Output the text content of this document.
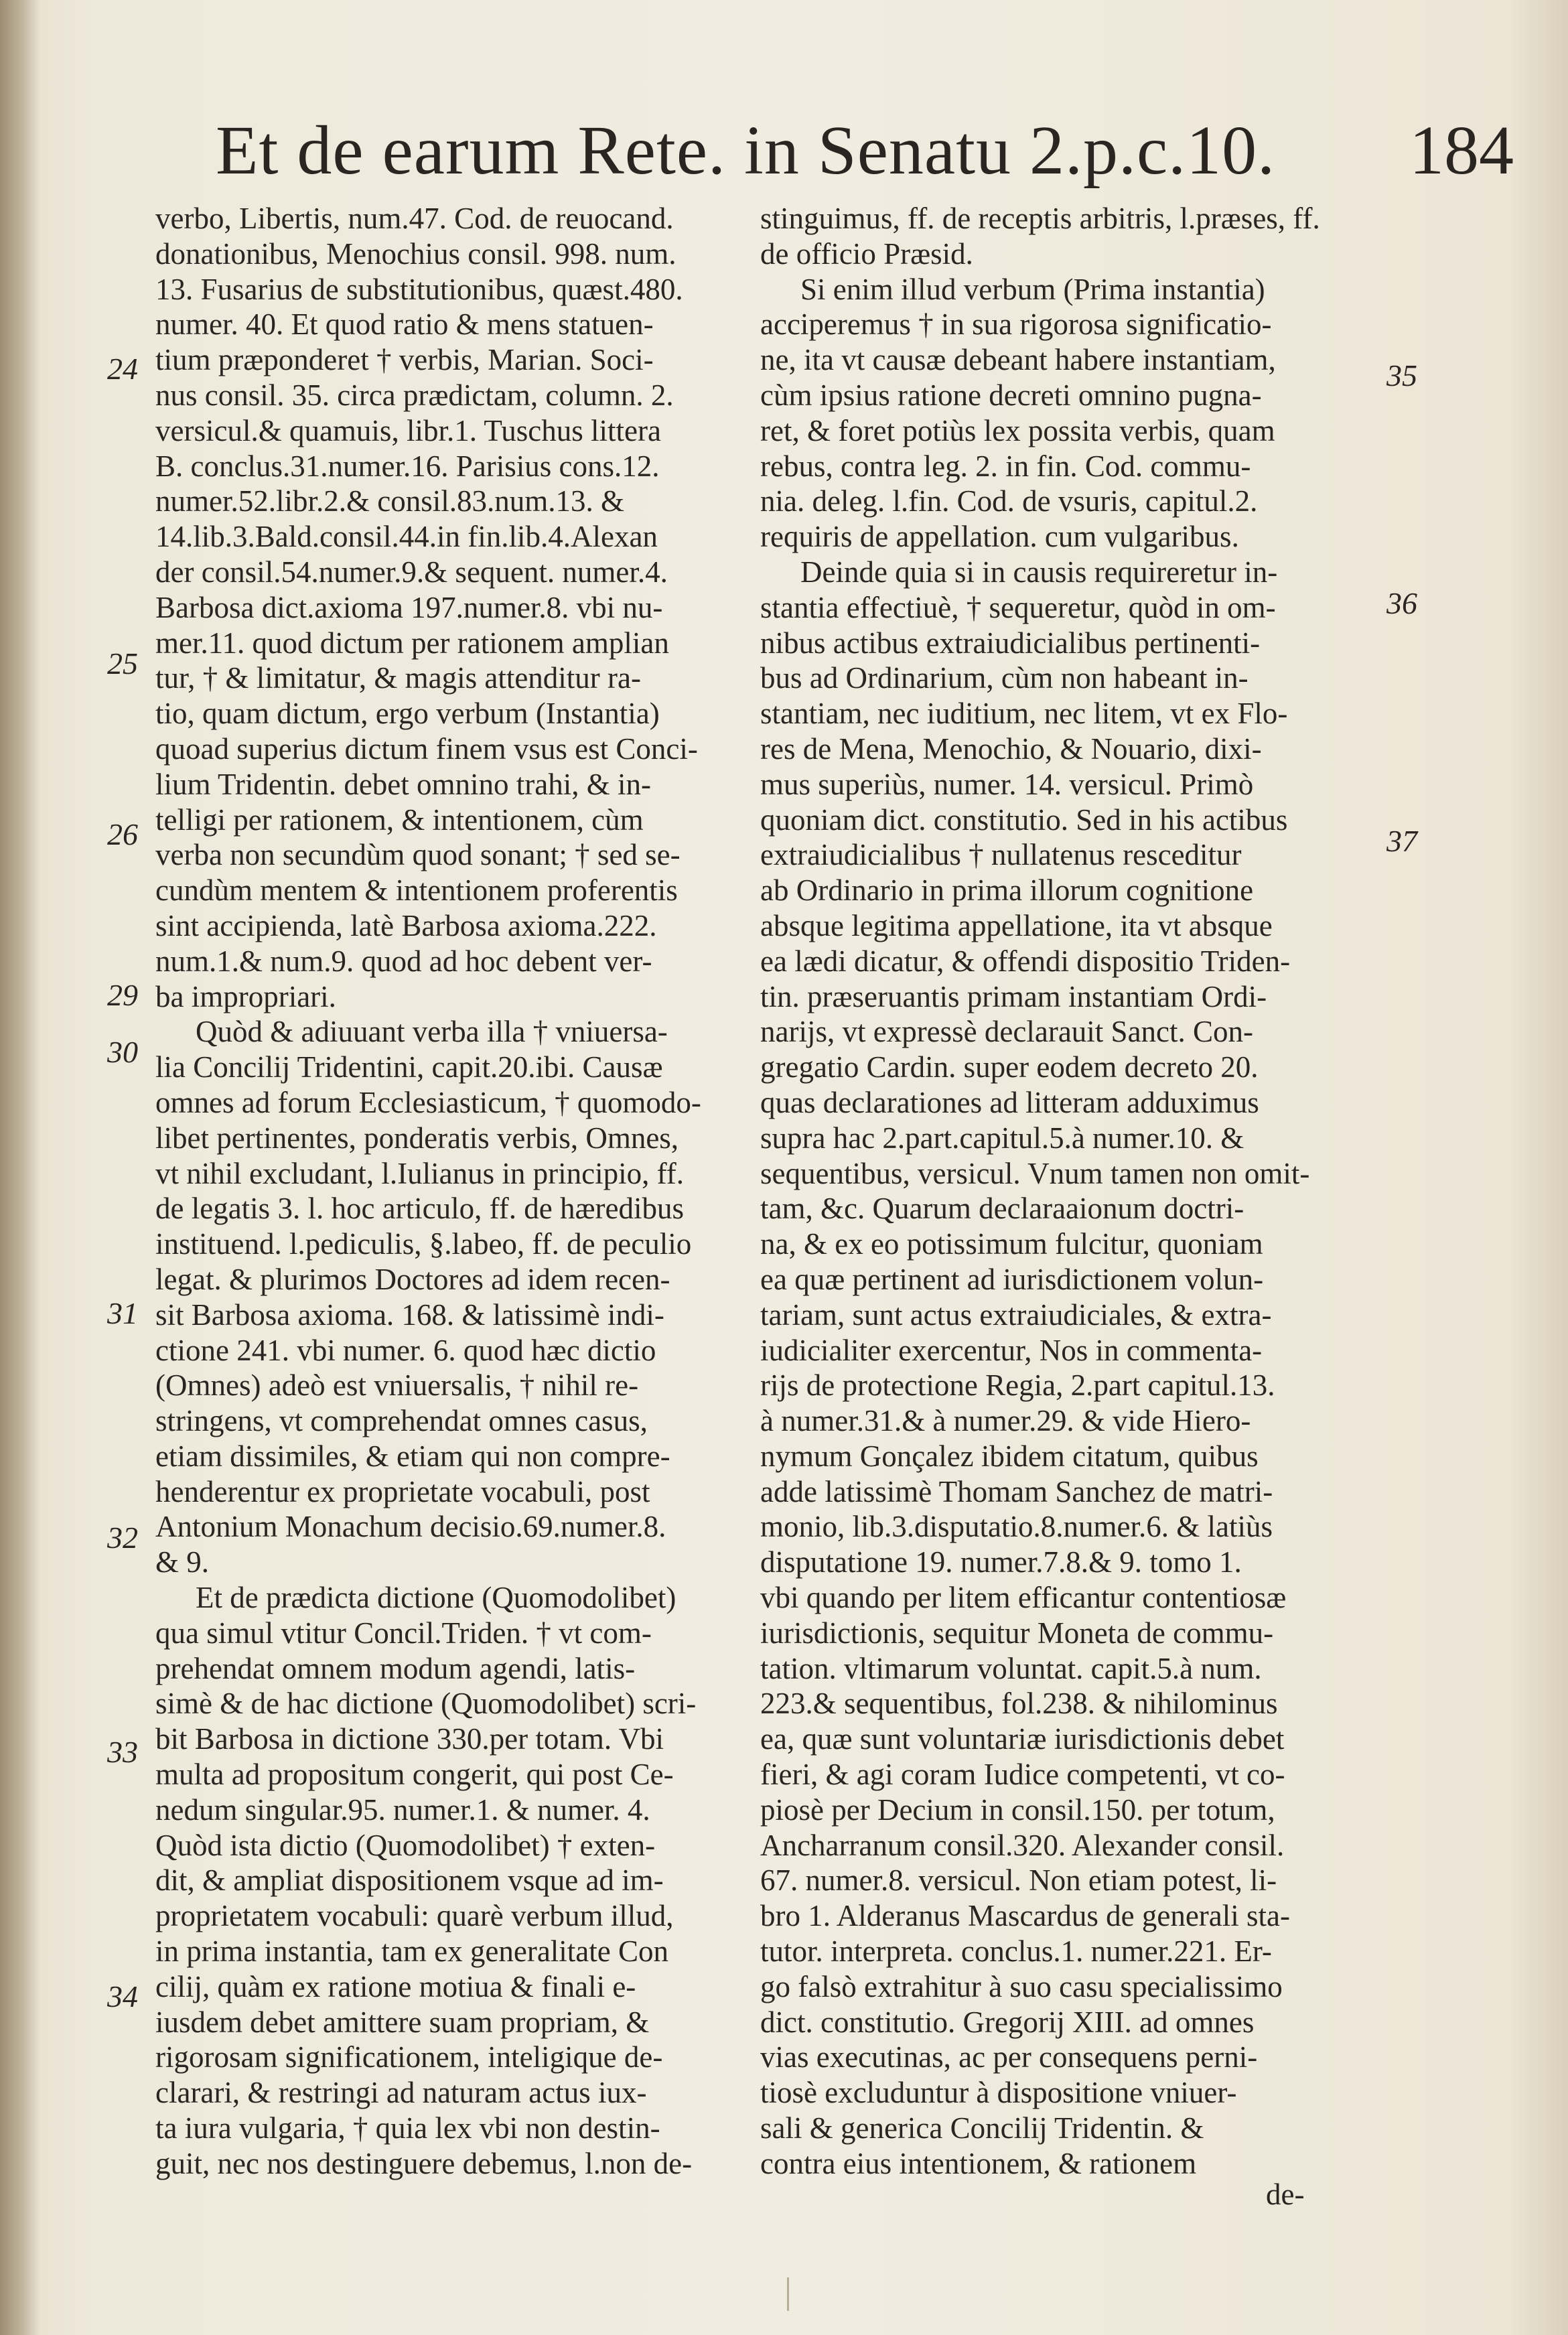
Et de earum Rete. in Senatu 2.p.c.10. 184
verbo, Libertis, num.47. Cod. de reuocand.
donationibus, Menochius consil. 998. num.
13. Fusarius de substitutionibus, quæst.480.
numer. 40. Et quod ratio & mens statuen-
tium præponderet † verbis, Marian. Soci-
nus consil. 35. circa prædictam, column. 2.
versicul.& quamuis, libr.1. Tuschus littera
B. conclus.31.numer.16. Parisius cons.12.
numer.52.libr.2.& consil.83.num.13. &
14.lib.3.Bald.consil.44.in fin.lib.4.Alexan
der consil.54.numer.9.& sequent. numer.4.
Barbosa dict.axioma 197.numer.8. vbi nu-
mer.11. quod dictum per rationem amplian
tur, † & limitatur, & magis attenditur ra-
tio, quam dictum, ergo verbum (Instantia)
quoad superius dictum finem vsus est Conci-
lium Tridentin. debet omnino trahi, & in-
telligi per rationem, & intentionem, cùm
verba non secundùm quod sonant; † sed se-
cundùm mentem & intentionem proferentis
sint accipienda, latè Barbosa axioma.222.
num.1.& num.9. quod ad hoc debent ver-
ba impropriari.
Quòd & adiuuant verba illa † vniuersa-
lia Concilij Tridentini, capit.20.ibi. Causæ
omnes ad forum Ecclesiasticum, † quomodo-
libet pertinentes, ponderatis verbis, Omnes,
vt nihil excludant, l.Iulianus in principio, ff.
de legatis 3. l. hoc articulo, ff. de hæredibus
instituend. l.pediculis, §.labeo, ff. de peculio
legat. & plurimos Doctores ad idem recen-
sit Barbosa axioma. 168. & latissimè indi-
ctione 241. vbi numer. 6. quod hæc dictio
(Omnes) adeò est vniuersalis, † nihil re-
stringens, vt comprehendat omnes casus,
etiam dissimiles, & etiam qui non compre-
henderentur ex proprietate vocabuli, post
Antonium Monachum decisio.69.numer.8.
& 9.
Et de prædicta dictione (Quomodolibet)
qua simul vtitur Concil.Triden. † vt com-
prehendat omnem modum agendi, latis-
simè & de hac dictione (Quomodolibet) scri-
bit Barbosa in dictione 330.per totam. Vbi
multa ad propositum congerit, qui post Ce-
nedum singular.95. numer.1. & numer. 4.
Quòd ista dictio (Quomodolibet) † exten-
dit, & ampliat dispositionem vsque ad im-
proprietatem vocabuli: quarè verbum illud,
in prima instantia, tam ex generalitate Con
cilij, quàm ex ratione motiua & finali e-
iusdem debet amittere suam propriam, &
rigorosam significationem, inteligique de-
clarari, & restringi ad naturam actus iux-
ta iura vulgaria, † quia lex vbi non destin-
guit, nec nos destinguere debemus, l.non de-
stinguimus, ff. de receptis arbitris, l.præses, ff.
de officio Præsid.
Si enim illud verbum (Prima instantia)
acciperemus † in sua rigorosa significatio-
ne, ita vt causæ debeant habere instantiam,
cùm ipsius ratione decreti omnino pugna-
ret, & foret potiùs lex possita verbis, quam
rebus, contra leg. 2. in fin. Cod. commu-
nia. deleg. l.fin. Cod. de vsuris, capitul.2.
requiris de appellation. cum vulgaribus.
Deinde quia si in causis requireretur in-
stantia effectiuè, † sequeretur, quòd in om-
nibus actibus extraiudicialibus pertinenti-
bus ad Ordinarium, cùm non habeant in-
stantiam, nec iuditium, nec litem, vt ex Flo-
res de Mena, Menochio, & Nouario, dixi-
mus superiùs, numer. 14. versicul. Primò
quoniam dict. constitutio. Sed in his actibus
extraiudicialibus † nullatenus resceditur
ab Ordinario in prima illorum cognitione
absque legitima appellatione, ita vt absque
ea lædi dicatur, & offendi dispositio Triden-
tin. præseruantis primam instantiam Ordi-
narijs, vt expressè declarauit Sanct. Con-
gregatio Cardin. super eodem decreto 20.
quas declarationes ad litteram adduximus
supra hac 2.part.capitul.5.à numer.10. &
sequentibus, versicul. Vnum tamen non omit-
tam, &c. Quarum declaraaionum doctri-
na, & ex eo potissimum fulcitur, quoniam
ea quæ pertinent ad iurisdictionem volun-
tariam, sunt actus extraiudiciales, & extra-
iudicialiter exercentur, Nos in commenta-
rijs de protectione Regia, 2.part capitul.13.
à numer.31.& à numer.29. & vide Hiero-
nymum Gonçalez ibidem citatum, quibus
adde latissimè Thomam Sanchez de matri-
monio, lib.3.disputatio.8.numer.6. & latiùs
disputatione 19. numer.7.8.& 9. tomo 1.
vbi quando per litem efficantur contentiosæ
iurisdictionis, sequitur Moneta de commu-
tation. vltimarum voluntat. capit.5.à num.
223.& sequentibus, fol.238. & nihilominus
ea, quæ sunt voluntariæ iurisdictionis debet
fieri, & agi coram Iudice competenti, vt co-
piosè per Decium in consil.150. per totum,
Ancharranum consil.320. Alexander consil.
67. numer.8. versicul. Non etiam potest, li-
bro 1. Alderanus Mascardus de generali sta-
tutor. interpreta. conclus.1. numer.221. Er-
go falsò extrahitur à suo casu specialissimo
dict. constitutio. Gregorij XIII. ad omnes
vias executinas, ac per consequens perni-
tiosè excluduntur à dispositione vniuer-
sali & generica Concilij Tridentin. &
contra eius intentionem, & rationem
24
25
26
29
30
31
32
33
34
35
36
37
de-
